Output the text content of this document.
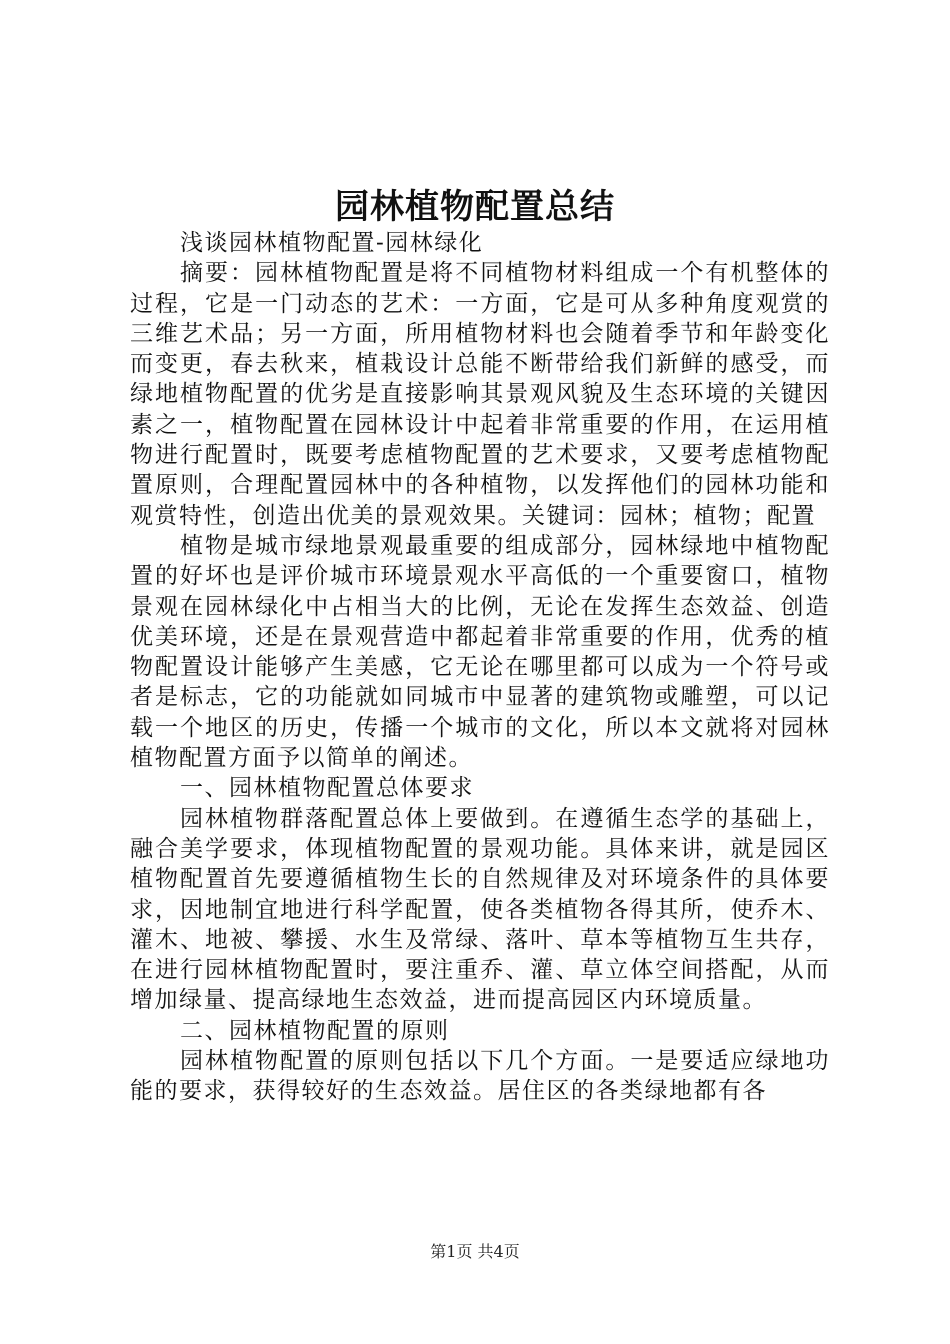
园林植物配置总结

浅谈园林植物配置-园林绿化

摘要：园林植物配置是将不同植物材料组成一个有机整体的过程，它是一门动态的艺术：一方面，它是可从多种角度观赏的三维艺术品；另一方面，所用植物材料也会随着季节和年龄变化而变更，春去秋来，植栽设计总能不断带给我们新鲜的感受，而绿地植物配置的优劣是直接影响其景观风貌及生态环境的关键因素之一，植物配置在园林设计中起着非常重要的作用，在运用植物进行配置时，既要考虑植物配置的艺术要求，又要考虑植物配置原则，合理配置园林中的各种植物，以发挥他们的园林功能和观赏特性，创造出优美的景观效果。关键词：园林；植物；配置

植物是城市绿地景观最重要的组成部分，园林绿地中植物配置的好坏也是评价城市环境景观水平高低的一个重要窗口，植物景观在园林绿化中占相当大的比例，无论在发挥生态效益、创造优美环境，还是在景观营造中都起着非常重要的作用，优秀的植物配置设计能够产生美感，它无论在哪里都可以成为一个符号或者是标志，它的功能就如同城市中显著的建筑物或雕塑，可以记载一个地区的历史，传播一个城市的文化，所以本文就将对园林植物配置方面予以简单的阐述。

一、园林植物配置总体要求

园林植物群落配置总体上要做到。在遵循生态学的基础上，融合美学要求，体现植物配置的景观功能。具体来讲，就是园区植物配置首先要遵循植物生长的自然规律及对环境条件的具体要求，因地制宜地进行科学配置，使各类植物各得其所，使乔木、灌木、地被、攀援、水生及常绿、落叶、草本等植物互生共存，在进行园林植物配置时，要注重乔、灌、草立体空间搭配，从而增加绿量、提高绿地生态效益，进而提高园区内环境质量。

二、园林植物配置的原则

园林植物配置的原则包括以下几个方面。一是要适应绿地功能的要求，获得较好的生态效益。居住区的各类绿地都有各

第1页 共4页
